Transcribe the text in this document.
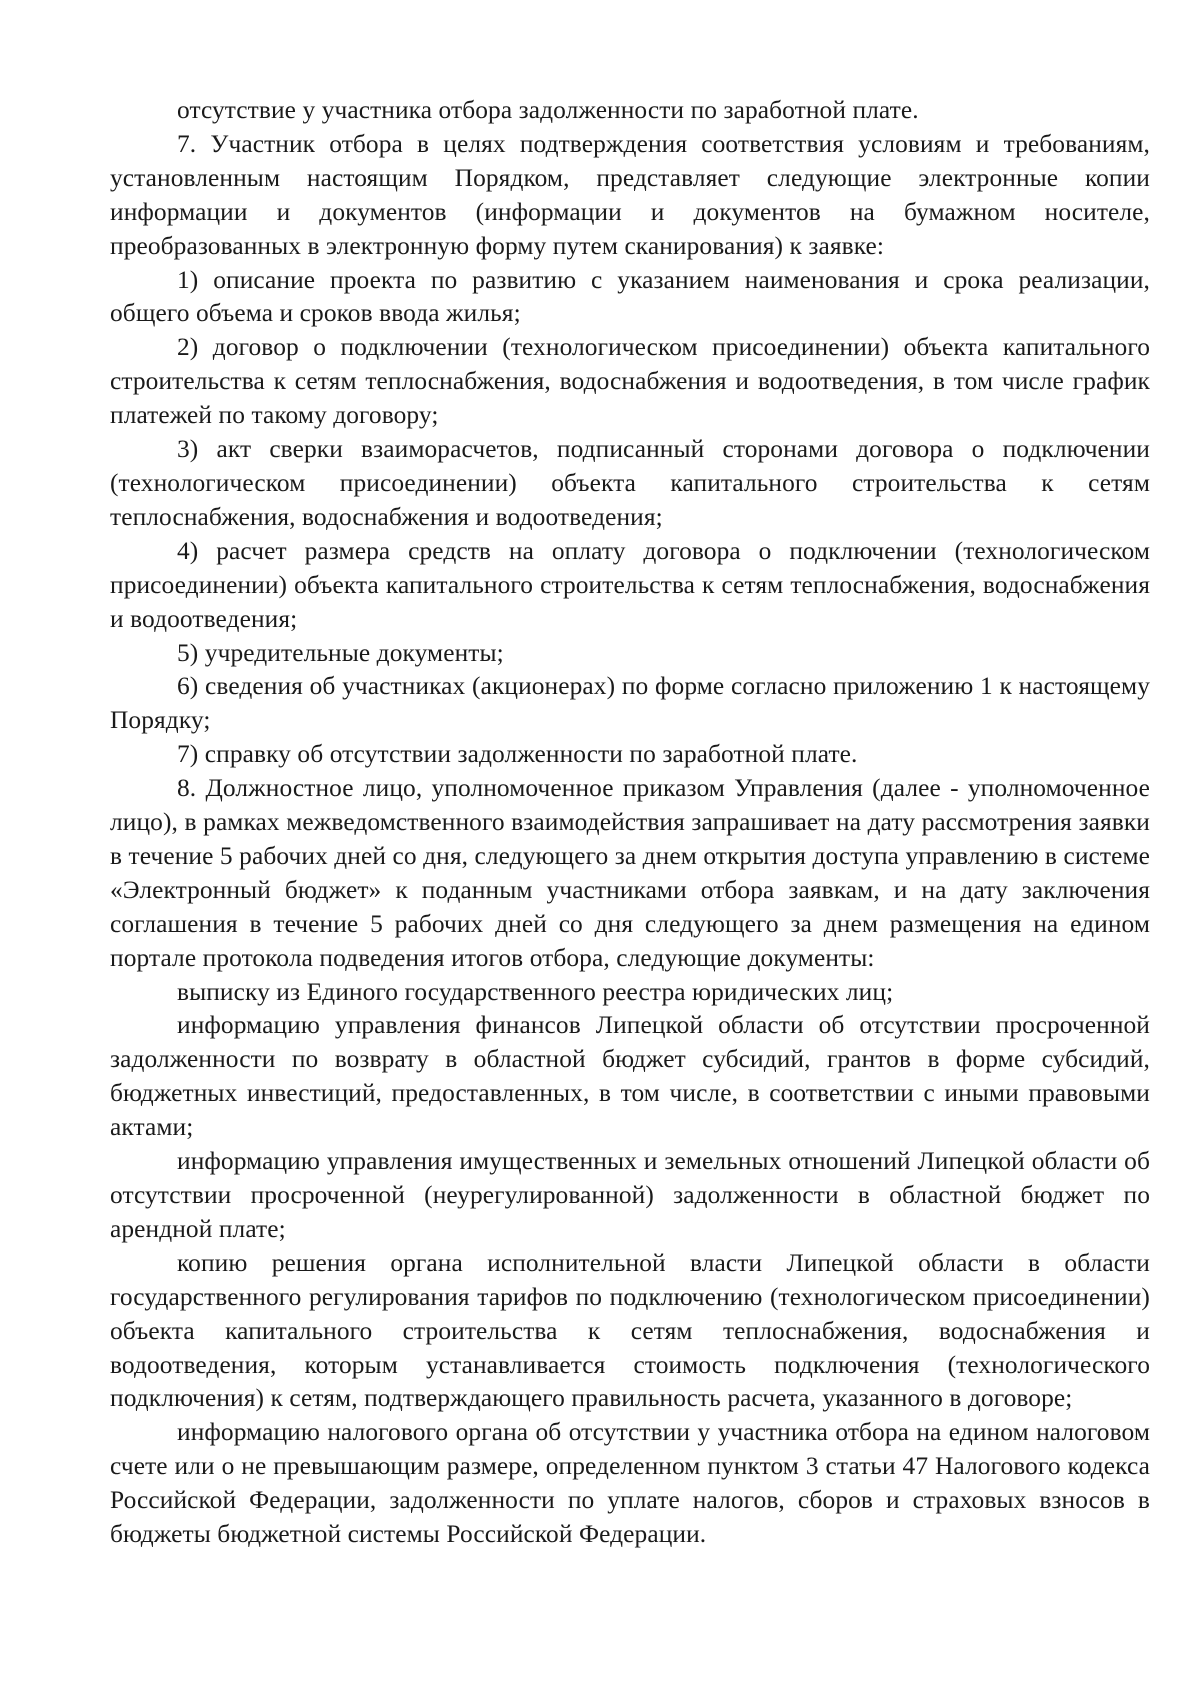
отсутствие у участника отбора задолженности по заработной плате.

7. Участник отбора в целях подтверждения соответствия условиям и требованиям, установленным настоящим Порядком, представляет следующие электронные копии информации и документов (информации и документов на бумажном носителе, преобразованных в электронную форму путем сканирования) к заявке:

1) описание проекта по развитию с указанием наименования и срока реализации, общего объема и сроков ввода жилья;

2) договор о подключении (технологическом присоединении) объекта капитального строительства к сетям теплоснабжения, водоснабжения и водоотведения, в том числе график платежей по такому договору;

3) акт сверки взаиморасчетов, подписанный сторонами договора о подключении (технологическом присоединении) объекта капитального строительства к сетям теплоснабжения, водоснабжения и водоотведения;

4) расчет размера средств на оплату договора о подключении (технологическом присоединении) объекта капитального строительства к сетям теплоснабжения, водоснабжения и водоотведения;

5) учредительные документы;

6) сведения об участниках (акционерах) по форме согласно приложению 1 к настоящему Порядку;

7) справку об отсутствии задолженности по заработной плате.

8. Должностное лицо, уполномоченное приказом Управления (далее - уполномоченное лицо), в рамках межведомственного взаимодействия запрашивает на дату рассмотрения заявки в течение 5 рабочих дней со дня, следующего за днем открытия доступа управлению в системе «Электронный бюджет» к поданным участниками отбора заявкам, и на дату заключения соглашения в течение 5 рабочих дней со дня следующего за днем размещения на едином портале протокола подведения итогов отбора, следующие документы:

выписку из Единого государственного реестра юридических лиц;

информацию управления финансов Липецкой области об отсутствии просроченной задолженности по возврату в областной бюджет субсидий, грантов в форме субсидий, бюджетных инвестиций, предоставленных, в том числе, в соответствии с иными правовыми актами;

информацию управления имущественных и земельных отношений Липецкой области об отсутствии просроченной (неурегулированной) задолженности в областной бюджет по арендной плате;

копию решения органа исполнительной власти Липецкой области в области государственного регулирования тарифов по подключению (технологическом присоединении) объекта капитального строительства к сетям теплоснабжения, водоснабжения и водоотведения, которым устанавливается стоимость подключения (технологического подключения) к сетям, подтверждающего правильность расчета, указанного в договоре;

информацию налогового органа об отсутствии у участника отбора на едином налоговом счете или о не превышающим размере, определенном пунктом 3 статьи 47 Налогового кодекса Российской Федерации, задолженности по уплате налогов, сборов и страховых взносов в бюджеты бюджетной системы Российской Федерации.
